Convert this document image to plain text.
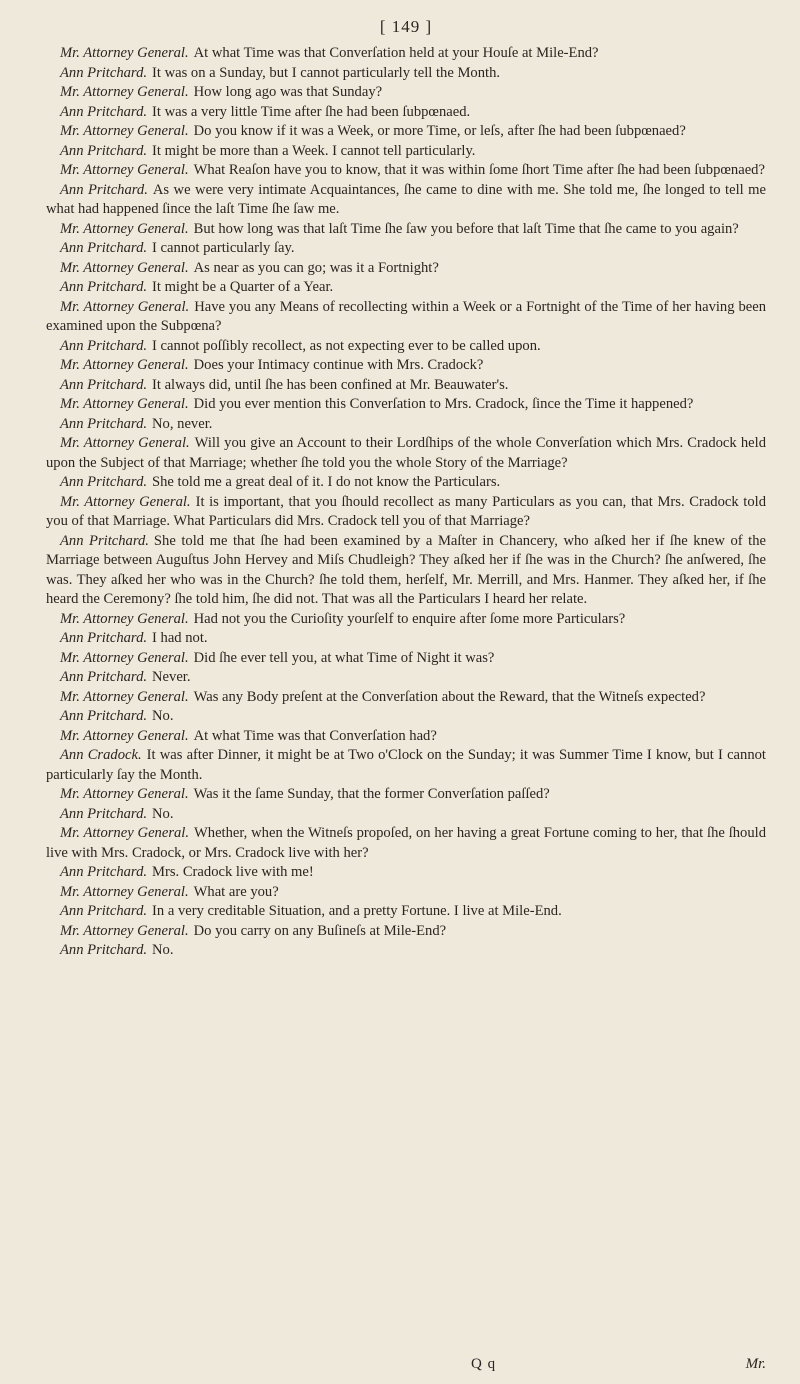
[ 149 ]

Mr. Attorney General. At what Time was that Converſation held at your Houſe at Mile-End?

Ann Pritchard. It was on a Sunday, but I cannot particularly tell the Month.

Mr. Attorney General. How long ago was that Sunday?

Ann Pritchard. It was a very little Time after ſhe had been ſubpœnaed.

Mr. Attorney General. Do you know if it was a Week, or more Time, or leſs, after ſhe had been ſubpœnaed?

Ann Pritchard. It might be more than a Week. I cannot tell particularly.

Mr. Attorney General. What Reaſon have you to know, that it was within ſome ſhort Time after ſhe had been ſubpœnaed?

Ann Pritchard. As we were very intimate Acquaintances, ſhe came to dine with me. She told me, ſhe longed to tell me what had happened ſince the laſt Time ſhe ſaw me.

Mr. Attorney General. But how long was that laſt Time ſhe ſaw you before that laſt Time that ſhe came to you again?

Ann Pritchard. I cannot particularly ſay.

Mr. Attorney General. As near as you can go; was it a Fortnight?

Ann Pritchard. It might be a Quarter of a Year.

Mr. Attorney General. Have you any Means of recollecting within a Week or a Fortnight of the Time of her having been examined upon the Subpœna?

Ann Pritchard. I cannot poſſibly recollect, as not expecting ever to be called upon.

Mr. Attorney General. Does your Intimacy continue with Mrs. Cradock?

Ann Pritchard. It always did, until ſhe has been confined at Mr. Beauwater's.

Mr. Attorney General. Did you ever mention this Converſation to Mrs. Cradock, ſince the Time it happened?

Ann Pritchard. No, never.

Mr. Attorney General. Will you give an Account to their Lordſhips of the whole Converſation which Mrs. Cradock held upon the Subject of that Marriage; whether ſhe told you the whole Story of the Marriage?

Ann Pritchard. She told me a great deal of it. I do not know the Particulars.

Mr. Attorney General. It is important, that you ſhould recollect as many Particulars as you can, that Mrs. Cradock told you of that Marriage. What Particulars did Mrs. Cradock tell you of that Marriage?

Ann Pritchard. She told me that ſhe had been examined by a Maſter in Chancery, who aſked her if ſhe knew of the Marriage between Auguſtus John Hervey and Miſs Chudleigh? They aſked her if ſhe was in the Church? ſhe anſwered, ſhe was. They aſked her who was in the Church? ſhe told them, herſelf, Mr. Merrill, and Mrs. Hanmer. They aſked her, if ſhe heard the Ceremony? ſhe told him, ſhe did not. That was all the Particulars I heard her relate.

Mr. Attorney General. Had not you the Curioſity yourſelf to enquire after ſome more Particulars?

Ann Pritchard. I had not.

Mr. Attorney General. Did ſhe ever tell you, at what Time of Night it was?

Ann Pritchard. Never.

Mr. Attorney General. Was any Body preſent at the Converſation about the Reward, that the Witneſs expected?

Ann Pritchard. No.

Mr. Attorney General. At what Time was that Converſation had?

Ann Cradock. It was after Dinner, it might be at Two o'Clock on the Sunday; it was Summer Time I know, but I cannot particularly ſay the Month.

Mr. Attorney General. Was it the ſame Sunday, that the former Converſation paſſed?

Ann Pritchard. No.

Mr. Attorney General. Whether, when the Witneſs propoſed, on her having a great Fortune coming to her, that ſhe ſhould live with Mrs. Cradock, or Mrs. Cradock live with her?

Ann Pritchard. Mrs. Cradock live with me!

Mr. Attorney General. What are you?

Ann Pritchard. In a very creditable Situation, and a pretty Fortune. I live at Mile-End.

Mr. Attorney General. Do you carry on any Buſineſs at Mile-End?

Ann Pritchard. No.

Q q	Mr.
